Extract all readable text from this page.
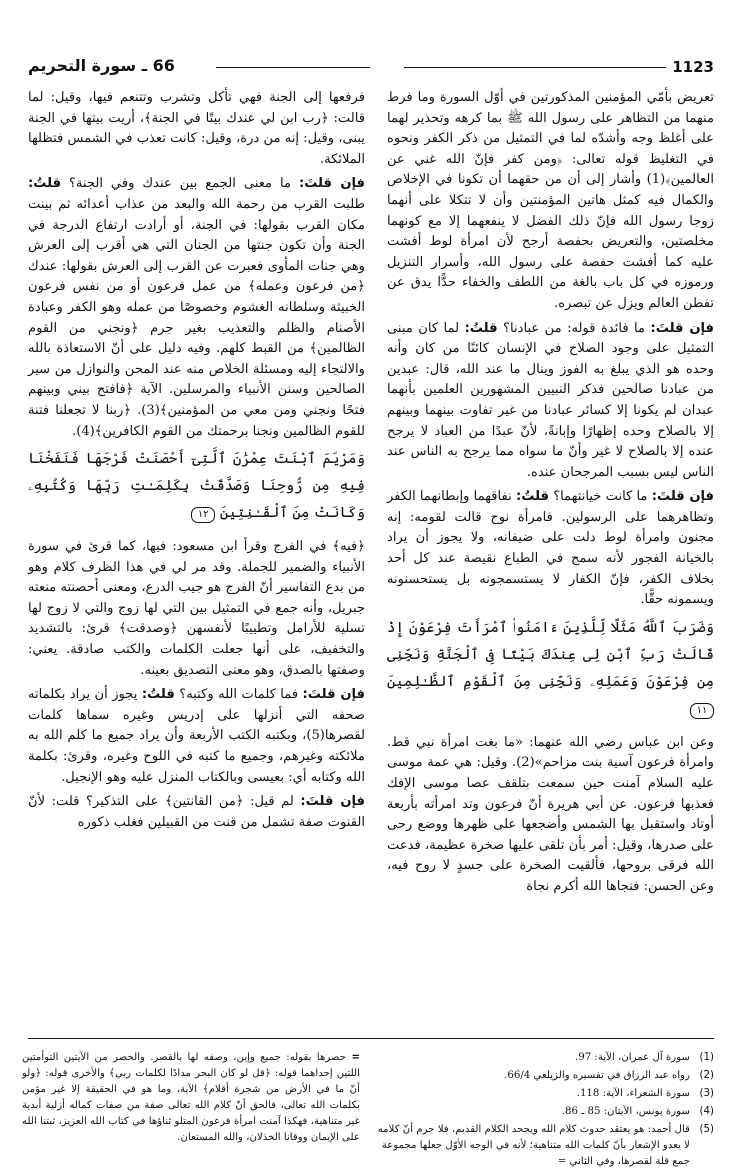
1123
66 ـ سورة التحريم

تعريض بأمّي المؤمنين المذكورتين في أوّل السورة وما فرط منهما من التظاهر على رسول الله ﷺ بما كرهه وتحذير لهما على أغلظ وجه وأشدّه لما في التمثيل من ذكر الكفر ونحوه في التغليظ قوله تعالى: ﴿ومن كفر فإنّ الله غني عن العالمين﴾(1) وأشار إلى أن من حقهما أن تكونا في الإخلاص والكمال فيه كمثل هاتين المؤمنتين وأن لا تتكلا على أنهما زوجا رسول الله فإنّ ذلك الفضل لا ينفعهما إلا مع كونهما مخلصتين، والتعريض بحفصة أرجح لأن امرأة لوط أفشت عليه كما أفشت حفصة على رسول الله، وأسرار التنزيل ورموزه في كل باب بالغة من اللطف والخفاء حدًّا يدق عن تفطن العالم ويزل عن تبصره.

فإن قلتَ: ما فائدة قوله: من عبادنا؟ قلتُ: لما كان مبنى التمثيل على وجود الصلاح في الإنسان كائنًا من كان وأنه وحده هو الذي يبلغ به الفوز وينال ما عند الله، قال: عبدين من عبادنا صالحين فذكر النبيين المشهورين العلمين بأنهما عبدان لم يكونا إلا كسائر عبادنا من غير تفاوت بينهما وبينهم إلا بالصلاح وحده إظهارًا وإبانةً، لأنّ عبدًا من العباد لا يرجح عنده إلا بالصلاح لا غير وأنّ ما سواه مما يرجح به الناس عند الناس ليس بسبب المرجحان عنده.

فإن قلتَ: ما كانت خيانتهما؟ قلتُ: نفاقهما وإبطانهما الكفر وتظاهرهما على الرسولين. فامرأة نوح قالت لقومه: إنه مجنون وامرأة لوط دلت على ضيفانه، ولا يجوز أن يراد بالخيانة الفجور لأنه سمج في الطباع نقيصة عند كل أحد بخلاف الكفر، فإنّ الكفار لا يستسمجونه بل يستحسنونه ويسمونه حقًّا.

وَضَرَبَ ٱللَّهُ مَثَلًا لِّلَّذِينَ ءَامَنُوا۟ ٱمْرَأَتَ فِرْعَوْنَ إِذْ قَالَتْ رَبِّ ٱبْنِ لِى عِندَكَ بَيْتًا فِى ٱلْجَنَّةِ وَنَجِّنِى مِن فِرْعَوْنَ وَعَمَلِهِۦ وَنَجِّنِى مِنَ ٱلْقَوْمِ ٱلظَّـٰلِمِينَ ١١

وعن ابن عباس رضي الله عنهما: «ما بغت امرأة نبي قط. وامرأة فرعون آسية بنت مزاحم»(2). وقيل: هي عمة موسى عليه السلام آمنت حين سمعت بتلقف عصا موسى الإفك فعذبها فرعون. عن أبي هريرة أنّ فرعون وتد امرأته بأربعة أوتاد واستقبل بها الشمس وأضجعها على ظهرها ووضع رحى على صدرها، وقيل: أمر بأن تلقى عليها صخرة عظيمة، فدعت الله فرقى بروحها، فألقيت الصخرة على جسدٍ لا روح فيه، وعن الحسن: فنجاها الله أكرم نجاة

فرفعها إلى الجنة فهي تأكل وتشرب وتتنعم فيها، وقيل: لما قالت: ﴿رب ابن لي عندك بيتًا في الجنة﴾، أريت بيتها في الجنة يبنى، وقيل: إنه من درة، وقيل: كانت تعذب في الشمس فتظلها الملائكة.

فإن قلتَ: ما معنى الجمع بين عندك وفي الجنة؟ قلتُ: طلبت القرب من رحمة الله والبعد من عذاب أعدائه ثم بينت مكان القرب بقولها: في الجنة، أو أرادت ارتفاع الدرجة في الجنة وأن تكون جنتها من الجنان التي هي أقرب إلى العرش وهي جنات المأوى فعبرت عن القرب إلى العرش بقولها: عندك ﴿من فرعون وعمله﴾ من عمل فرعون أو من نفس فرعون الخبيثة وسلطانه الغشوم وخصوصًا من عمله وهو الكفر وعبادة الأصنام والظلم والتعذيب بغير جرم ﴿ونجني من القوم الظالمين﴾ من القبط كلهم. وفيه دليل على أنّ الاستعاذة بالله والالتجاء إليه ومسئلة الخلاص منه عند المحن والنوازل من سير الصالحين وسنن الأنبياء والمرسلين. الآية ﴿فافتح بيني وبينهم فتحًا ونجني ومن معي من المؤمنين﴾(3). ﴿ربنا لا تجعلنا فتنة للقوم الظالمين ونجنا برحمتك من القوم الكافرين﴾(4).

وَمَرْيَمَ ٱبْنَتَ عِمْرَٰنَ ٱلَّتِىٓ أَحْصَنَتْ فَرْجَهَا فَنَفَخْنَا فِيهِ مِن رُّوحِنَا وَصَدَّقَتْ بِكَلِمَـٰتِ رَبِّهَا وَكُتُبِهِۦ وَكَانَتْ مِنَ ٱلْقَـٰنِتِينَ ١٢

﴿فيه﴾ في الفرج وقرأ ابن مسعود: فيها، كما قرئ في سورة الأنبياء والضمير للجملة. وقد مر لي في هذا الظرف كلام وهو من بدع التفاسير أنّ الفرج هو جيب الدرع، ومعنى أحصنته منعته جبريل، وأنه جمع في التمثيل بين التي لها زوج والتي لا زوج لها تسلية للأرامل وتطييبًا لأنفسهن ﴿وصدقت﴾ قرئ: بالتشديد والتخفيف، على أنها جعلت الكلمات والكتب صادقة. يعني: وصفتها بالصدق، وهو معنى التصديق بعينه.

فإن قلتَ: فما كلمات الله وكتبه؟ قلتُ: يجوز أن يراد بكلماته صحفه التي أنزلها على إدريس وغيره سماها كلمات لقصرها(5)، وبكتبه الكتب الأربعة وأن يراد جميع ما كلم الله به ملائكته وغيرهم، وجميع ما كتبه في اللوح وغيره، وقرئ: بكلمة الله وكتابه أي: بعيسى وبالكتاب المنزل عليه وهو الإنجيل.

فإن قلتَ: لم قيل: ﴿من القانتين﴾ على التذكير؟ قلت: لأنّ القنوت صفة تشمل من قنت من القبيلين فغلب ذكوره

(1)
سورة آل عمران، الآية: 97.
(2)
رواه عبد الرزاق في تفسيره والزيلعي 66/4.
(3)
سورة الشعراء، الآية: 118.
(4)
سورة يونس، الآيتان: 85 ـ 86.
(5)
قال أحمد: هو يعتقد حدوث كلام الله ويجحد الكلام القديم، فلا جرم أنّ كلامه لا يعدو الإشعار بأنّ كلمات الله متناهية؛ لأنه في الوجه الأوّل جعلها مجموعة جمع قلة لقصرها، وفي الثاني =
= حصرها بقوله: جميع وإين، وصفه لها بالقصر. والحصر من الآيتين التوأمتين اللتين إحداهما قوله: ﴿قل لو كان البحر مدادًا لكلمات ربي﴾ والأخرى قوله: ﴿ولو أنّ ما في الأرض من شجرة أقلام﴾ الآية، وما هو في الحقيقة إلا غير مؤمن بكلمات الله تعالى، فالحق أنّ كلام الله تعالى صفة من صفات كماله أزلية أبدية غير متناهية، فهكذا آمنت امرأة فرعون المتلو ثناؤها في كتاب الله العزيز، ثبتنا الله على الإيمان ووقانا الخذلان، والله المستعان.
